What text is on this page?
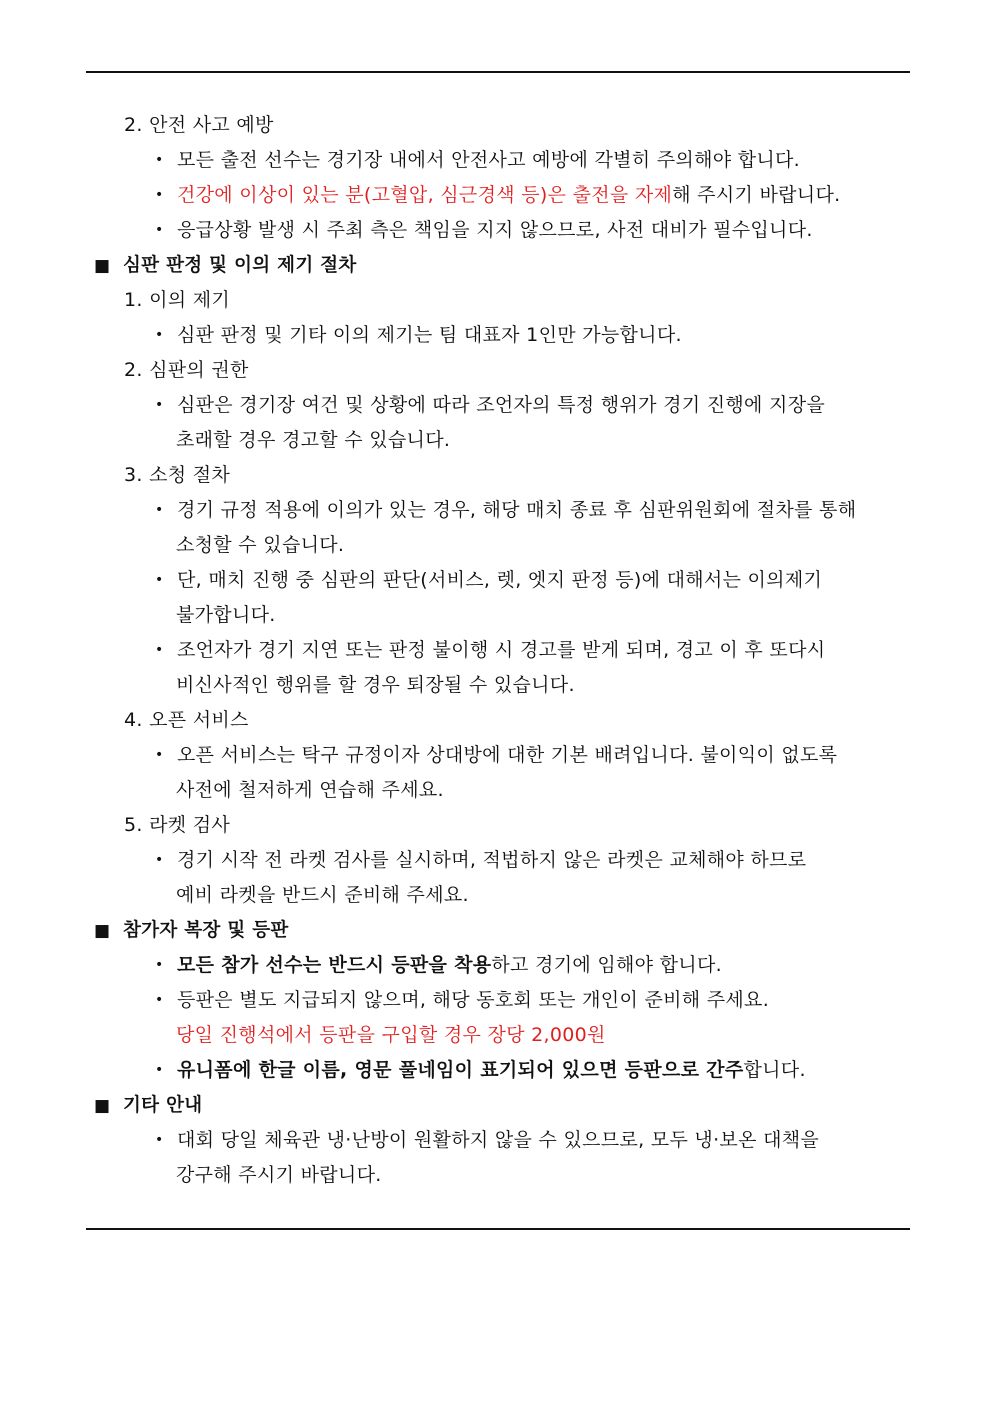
2. 안전 사고 예방
• 모든 출전 선수는 경기장 내에서 안전사고 예방에 각별히 주의해야 합니다.
• 건강에 이상이 있는 분(고혈압, 심근경색 등)은 출전을 자제해 주시기 바랍니다.
• 응급상황 발생 시 주최 측은 책임을 지지 않으므로, 사전 대비가 필수입니다.
■ 심판 판정 및 이의 제기 절차
1. 이의 제기
• 심판 판정 및 기타 이의 제기는 팀 대표자 1인만 가능합니다.
2. 심판의 권한
• 심판은 경기장 여건 및 상황에 따라 조언자의 특정 행위가 경기 진행에 지장을
초래할 경우 경고할 수 있습니다.
3. 소청 절차
• 경기 규정 적용에 이의가 있는 경우, 해당 매치 종료 후 심판위원회에 절차를 통해
소청할 수 있습니다.
• 단, 매치 진행 중 심판의 판단(서비스, 렛, 엣지 판정 등)에 대해서는 이의제기
불가합니다.
• 조언자가 경기 지연 또는 판정 불이행 시 경고를 받게 되며, 경고 이 후 또다시
비신사적인 행위를 할 경우 퇴장될 수 있습니다.
4. 오픈 서비스
• 오픈 서비스는 탁구 규정이자 상대방에 대한 기본 배려입니다. 불이익이 없도록
사전에 철저하게 연습해 주세요.
5. 라켓 검사
• 경기 시작 전 라켓 검사를 실시하며, 적법하지 않은 라켓은 교체해야 하므로
예비 라켓을 반드시 준비해 주세요.
■ 참가자 복장 및 등판
• 모든 참가 선수는 반드시 등판을 착용하고 경기에 임해야 합니다.
• 등판은 별도 지급되지 않으며, 해당 동호회 또는 개인이 준비해 주세요.
당일 진행석에서 등판을 구입할 경우 장당 2,000원
• 유니폼에 한글 이름, 영문 풀네임이 표기되어 있으면 등판으로 간주합니다.
■ 기타 안내
• 대회 당일 체육관 냉·난방이 원활하지 않을 수 있으므로, 모두 냉·보온 대책을
강구해 주시기 바랍니다.
